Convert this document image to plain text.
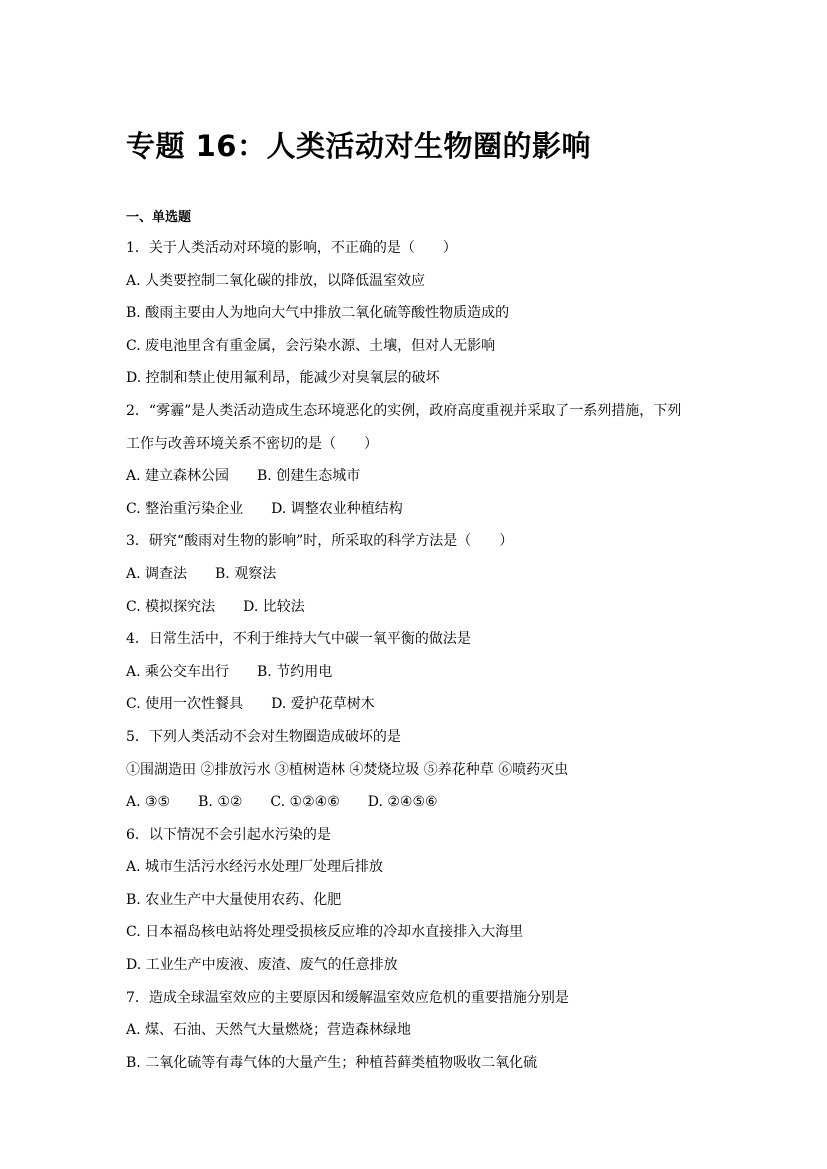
专题 16：人类活动对生物圈的影响
一、单选题
1．关于人类活动对环境的影响，不正确的是（　　）
A. 人类要控制二氧化碳的排放，以降低温室效应
B. 酸雨主要由人为地向大气中排放二氧化硫等酸性物质造成的
C. 废电池里含有重金属，会污染水源、土壤，但对人无影响
D. 控制和禁止使用氟利昂，能减少对臭氧层的破坏
2．“雾霾”是人类活动造成生态环境恶化的实例，政府高度重视并采取了一系列措施，下列
工作与改善环境关系不密切的是（　　）
A. 建立森林公园 B. 创建生态城市
C. 整治重污染企业 D. 调整农业种植结构
3．研究“酸雨对生物的影响”时，所采取的科学方法是（　　）
A. 调查法 B. 观察法
C. 模拟探究法 D. 比较法
4．日常生活中，不利于维持大气中碳一氧平衡的做法是
A. 乘公交车出行 B. 节约用电
C. 使用一次性餐具 D. 爱护花草树木
5．下列人类活动不会对生物圈造成破坏的是
①围湖造田 ②排放污水 ③植树造林 ④焚烧垃圾 ⑤养花种草 ⑥喷药灭虫
A. ③⑤ B. ①② C. ①②④⑥ D. ②④⑤⑥
6．以下情况不会引起水污染的是
A. 城市生活污水经污水处理厂处理后排放
B. 农业生产中大量使用农药、化肥
C. 日本福岛核电站将处理受损核反应堆的冷却水直接排入大海里
D. 工业生产中废液、废渣、废气的任意排放
7．造成全球温室效应的主要原因和缓解温室效应危机的重要措施分别是
A. 煤、石油、天然气大量燃烧；营造森林绿地
B. 二氧化硫等有毒气体的大量产生；种植苔藓类植物吸收二氧化硫
